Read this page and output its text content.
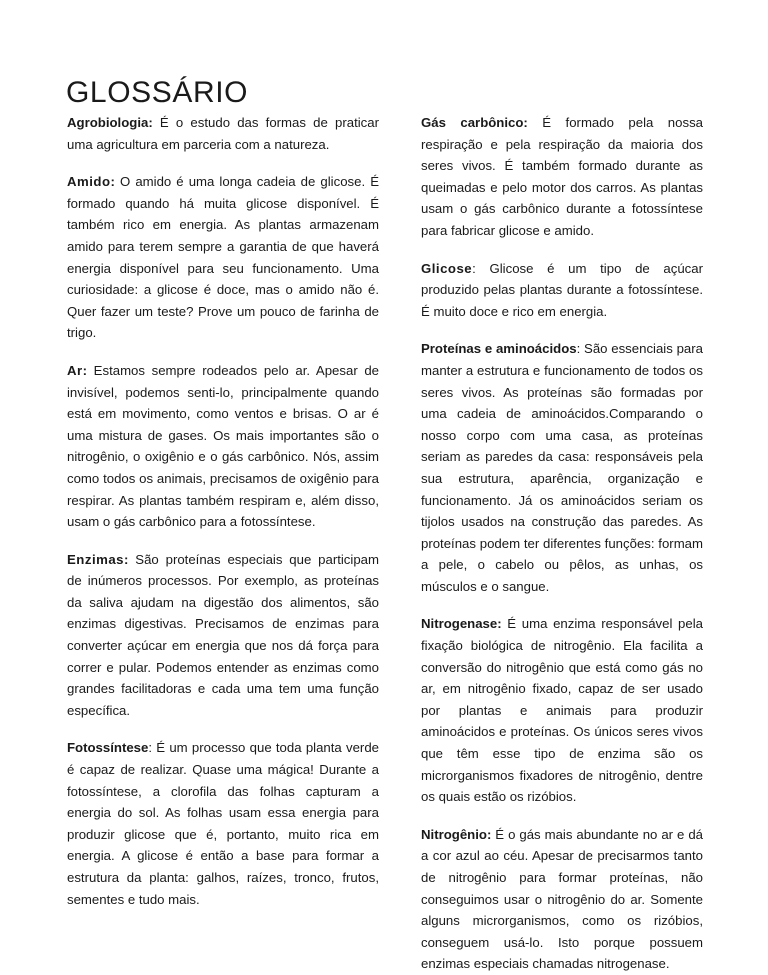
GLOSSÁRIO

Agrobiologia: É o estudo das formas de praticar uma agricultura em parceria com a natureza.

Amido: O amido é uma longa cadeia de glicose. É formado quando há muita glicose disponível. É também rico em energia. As plantas armazenam amido para terem sempre a garantia de que haverá energia disponível para seu funcionamento. Uma curiosidade: a glicose é doce, mas o amido não é. Quer fazer um teste? Prove um pouco de farinha de trigo.

Ar: Estamos sempre rodeados pelo ar. Apesar de invisível, podemos senti-lo, principalmente quando está em movimento, como ventos e brisas. O ar é uma mistura de gases. Os mais importantes são o nitrogênio, o oxigênio e o gás carbônico. Nós, assim como todos os animais, precisamos de oxigênio para respirar. As plantas também respiram e, além disso, usam o gás carbônico para a fotossíntese.

Enzimas: São proteínas especiais que participam de inúmeros processos. Por exemplo, as proteínas da saliva ajudam na digestão dos alimentos, são enzimas digestivas. Precisamos de enzimas para converter açúcar em energia que nos dá força para correr e pular. Podemos entender as enzimas como grandes facilitadoras e cada uma tem uma função específica.

Fotossíntese: É um processo que toda planta verde é capaz de realizar. Quase uma mágica! Durante a fotossíntese, a clorofila das folhas capturam a energia do sol. As folhas usam essa energia para produzir glicose que é, portanto, muito rica em energia. A glicose é então a base para formar a estrutura da planta: galhos, raízes, tronco, frutos, sementes e tudo mais.

Gás carbônico: É formado pela nossa respiração e pela respiração da maioria dos seres vivos. É também formado durante as queimadas e pelo motor dos carros. As plantas usam o gás carbônico durante a fotossíntese para fabricar glicose e amido.

Glicose: Glicose é um tipo de açúcar produzido pelas plantas durante a fotossíntese. É muito doce e rico em energia.

Proteínas e aminoácidos: São essenciais para manter a estrutura e funcionamento de todos os seres vivos. As proteínas são formadas por uma cadeia de aminoácidos.Comparando o nosso corpo com uma casa, as proteínas seriam as paredes da casa: responsáveis pela sua estrutura, aparência, organização e funcionamento. Já os aminoácidos seriam os tijolos usados na construção das paredes. As proteínas podem ter diferentes funções: formam a pele, o cabelo ou pêlos, as unhas, os músculos e o sangue.

Nitrogenase: É uma enzima responsável pela fixação biológica de nitrogênio. Ela facilita a conversão do nitrogênio que está como gás no ar, em nitrogênio fixado, capaz de ser usado por plantas e animais para produzir aminoácidos e proteínas. Os únicos seres vivos que têm esse tipo de enzima são os microrganismos fixadores de nitrogênio, dentre os quais estão os rizóbios.

Nitrogênio: É o gás mais abundante no ar e dá a cor azul ao céu. Apesar de precisarmos tanto de nitrogênio para formar proteínas, não conseguimos usar o nitrogênio do ar. Somente alguns microrganismos, como os rizóbios, conseguem usá-lo. Isto porque possuem enzimas especiais chamadas nitrogenase.
